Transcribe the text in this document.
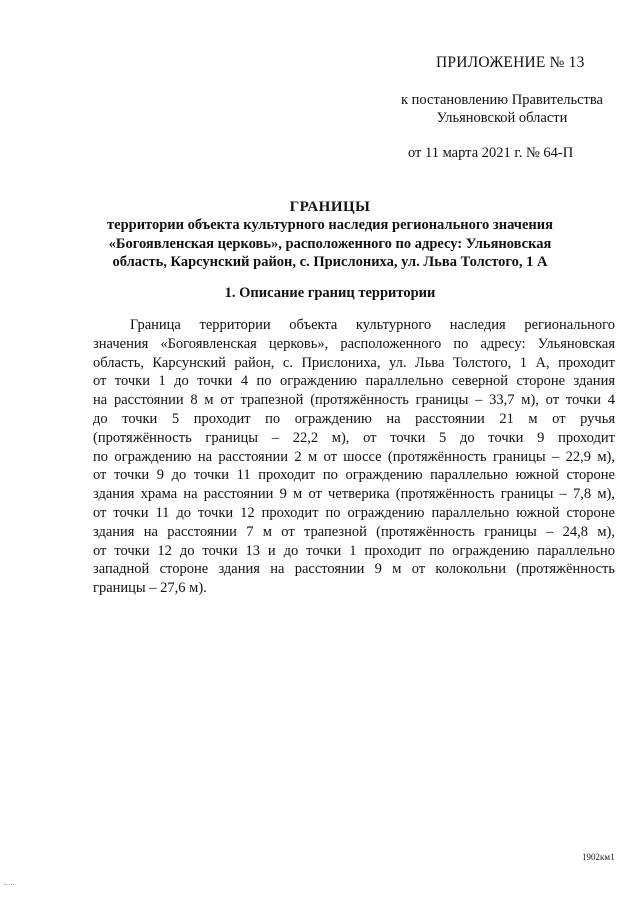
ПРИЛОЖЕНИЕ № 13
к постановлению Правительства
Ульяновской области
от 11 марта 2021 г. № 64-П
ГРАНИЦЫ
территории объекта культурного наследия регионального значения
«Богоявленская церковь», расположенного по адресу: Ульяновская
область, Карсунский район, с. Прислониха, ул. Льва Толстого, 1 А
1. Описание границ территории
Граница территории объекта культурного наследия регионального
значения «Богоявленская церковь», расположенного по адресу: Ульяновская
область, Карсунский район, с. Прислониха, ул. Льва Толстого, 1 А, проходит
от точки 1 до точки 4 по ограждению параллельно северной стороне здания
на расстоянии 8 м от трапезной (протяжённость границы – 33,7 м), от точки 4
до точки 5 проходит по ограждению на расстоянии 21 м от ручья
(протяжённость границы – 22,2 м), от точки 5 до точки 9 проходит
по ограждению на расстоянии 2 м от шоссе (протяжённость границы – 22,9 м),
от точки 9 до точки 11 проходит по ограждению параллельно южной стороне
здания храма на расстоянии 9 м от четверика (протяжённость границы – 7,8 м),
от точки 11 до точки 12 проходит по ограждению параллельно южной стороне
здания на расстоянии 7 м от трапезной (протяжённость границы – 24,8 м),
от точки 12 до точки 13 и до точки 1 проходит по ограждению параллельно
западной стороне здания на расстоянии 9 м от колокольни (протяжённость
границы – 27,6 м).
1902км1
